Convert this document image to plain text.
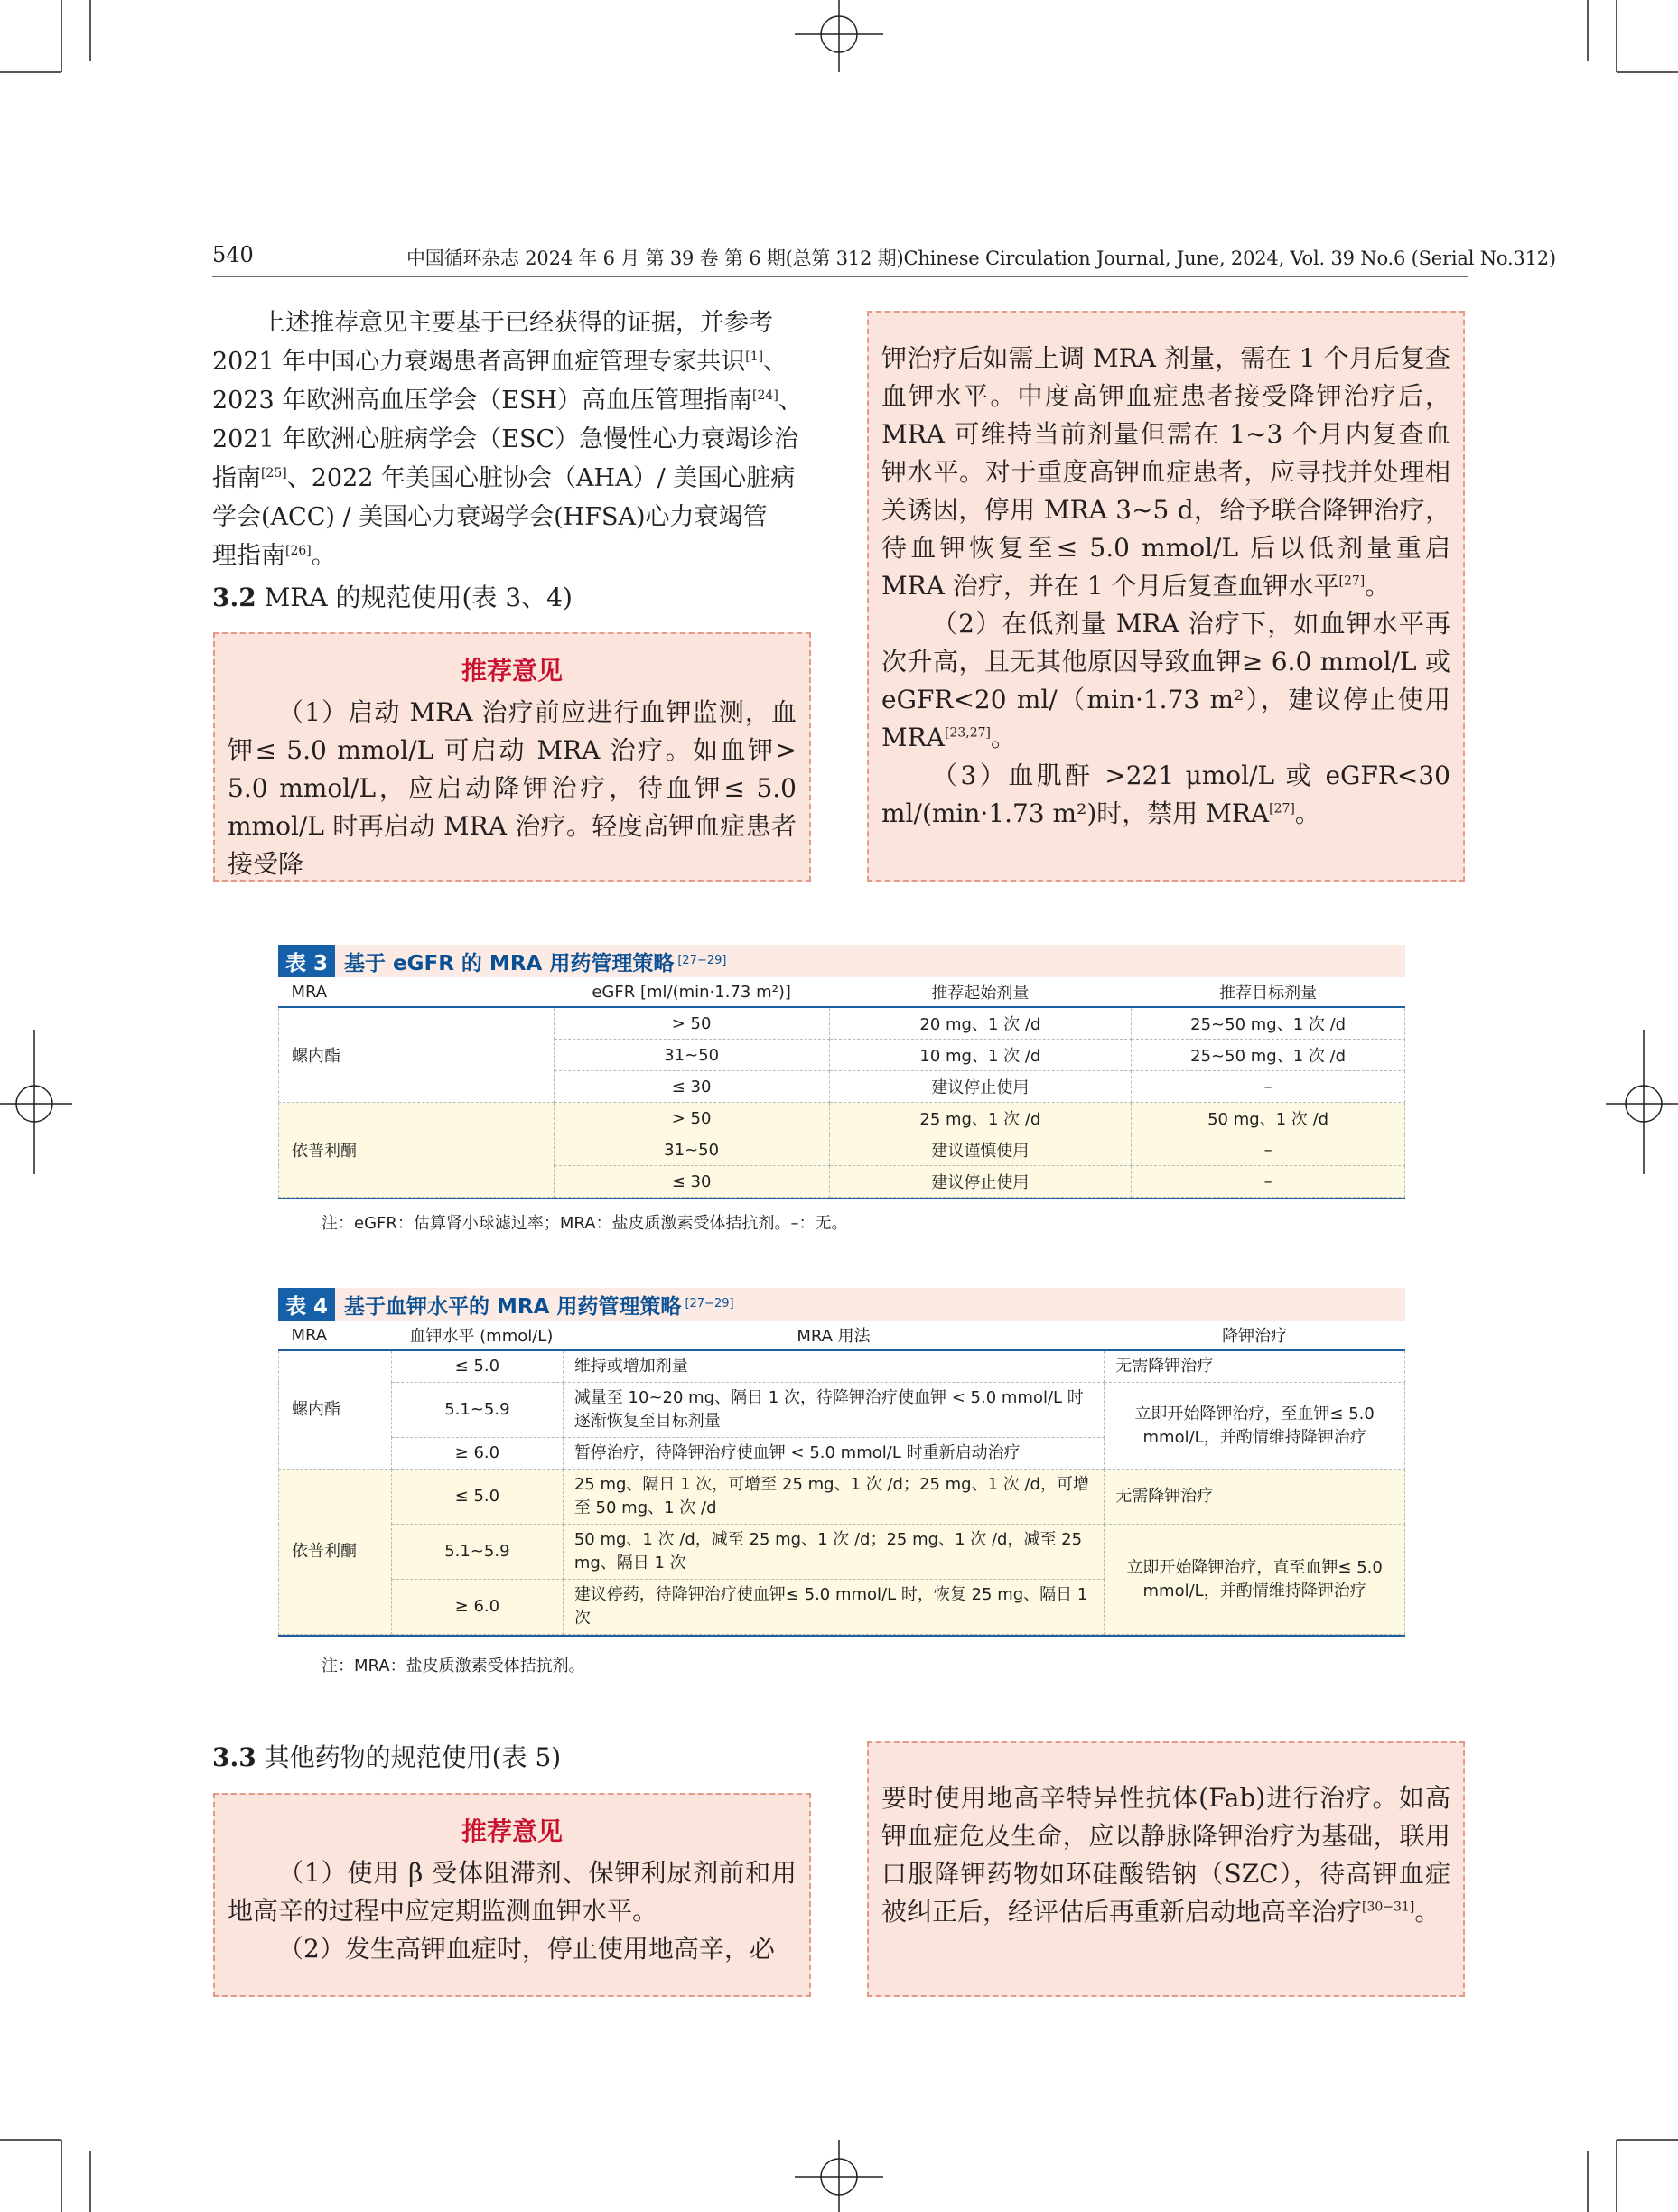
540	中国循环杂志 2024 年 6 月 第 39 卷 第 6 期(总第 312 期)Chinese Circulation Journal, June, 2024, Vol. 39 No.6 (Serial No.312)
上述推荐意见主要基于已经获得的证据，并参考
2021 年中国心力衰竭患者高钾血症管理专家共识[1]、
2023 年欧洲高血压学会（ESH）高血压管理指南[24]、
2021 年欧洲心脏病学会（ESC）急慢性心力衰竭诊治
指南[25]、2022 年美国心脏协会（AHA）/ 美国心脏病
学会(ACC) / 美国心力衰竭学会(HFSA)心力衰竭管
理指南[26]。
3.2 MRA 的规范使用(表 3、4)
推荐意见

（1）启动 MRA 治疗前应进行血钾监测，血钾≤ 5.0 mmol/L 可启动 MRA 治疗。如血钾> 5.0 mmol/L，应启动降钾治疗，待血钾≤ 5.0 mmol/L 时再启动 MRA 治疗。轻度高钾血症患者接受降

钾治疗后如需上调 MRA 剂量，需在 1 个月后复查血钾水平。中度高钾血症患者接受降钾治疗后，MRA 可维持当前剂量但需在 1~3 个月内复查血钾水平。对于重度高钾血症患者，应寻找并处理相关诱因，停用 MRA 3~5 d，给予联合降钾治疗，待血钾恢复至≤ 5.0 mmol/L 后以低剂量重启 MRA 治疗，并在 1 个月后复查血钾水平[27]。

（2）在低剂量 MRA 治疗下，如血钾水平再次升高，且无其他原因导致血钾≥ 6.0 mmol/L 或 eGFR<20 ml/（min·1.73 m²），建议停止使用 MRA[23,27]。

（3）血肌酐 >221 μmol/L 或 eGFR<30 ml/(min·1.73 m²)时，禁用 MRA[27]。

表 3 基于 eGFR 的 MRA 用药管理策略 [27−29]
MRA	eGFR [ml/(min·1.73 m²)]	推荐起始剂量	推荐目标剂量
螺内酯	> 50	20 mg、1 次 /d	25~50 mg、1 次 /d
	31~50	10 mg、1 次 /d	25~50 mg、1 次 /d
	≤ 30	建议停止使用	–
依普利酮	> 50	25 mg、1 次 /d	50 mg、1 次 /d
	31~50	建议谨慎使用	–
	≤ 30	建议停止使用	–
注：eGFR：估算肾小球滤过率；MRA：盐皮质激素受体拮抗剂。–：无。
表 4 基于血钾水平的 MRA 用药管理策略 [27−29]
MRA	血钾水平 (mmol/L)	MRA 用法	降钾治疗
螺内酯	≤ 5.0	维持或增加剂量	无需降钾治疗
	5.1~5.9	减量至 10~20 mg、隔日 1 次，待降钾治疗使血钾 < 5.0 mmol/L 时逐渐恢复至目标剂量	立即开始降钾治疗，至血钾≤ 5.0 mmol/L，并酌情维持降钾治疗
	≥ 6.0	暂停治疗，待降钾治疗使血钾 < 5.0 mmol/L 时重新启动治疗	
依普利酮	≤ 5.0	25 mg、隔日 1 次，可增至 25 mg、1 次 /d；25 mg、1 次 /d，可增至 50 mg、1 次 /d	无需降钾治疗
	5.1~5.9	50 mg、1 次 /d，减至 25 mg、1 次 /d；25 mg、1 次 /d，减至 25 mg、隔日 1 次	立即开始降钾治疗，直至血钾≤ 5.0 mmol/L，并酌情维持降钾治疗
	≥ 6.0	建议停药，待降钾治疗使血钾≤ 5.0 mmol/L 时，恢复 25 mg、隔日 1 次	
注：MRA：盐皮质激素受体拮抗剂。
3.3 其他药物的规范使用(表 5)
推荐意见

（1）使用 β 受体阻滞剂、保钾利尿剂前和用地高辛的过程中应定期监测血钾水平。

（2）发生高钾血症时，停止使用地高辛，必

要时使用地高辛特异性抗体(Fab)进行治疗。如高钾血症危及生命，应以静脉降钾治疗为基础，联用口服降钾药物如环硅酸锆钠（SZC），待高钾血症被纠正后，经评估后再重新启动地高辛治疗[30−31]。
